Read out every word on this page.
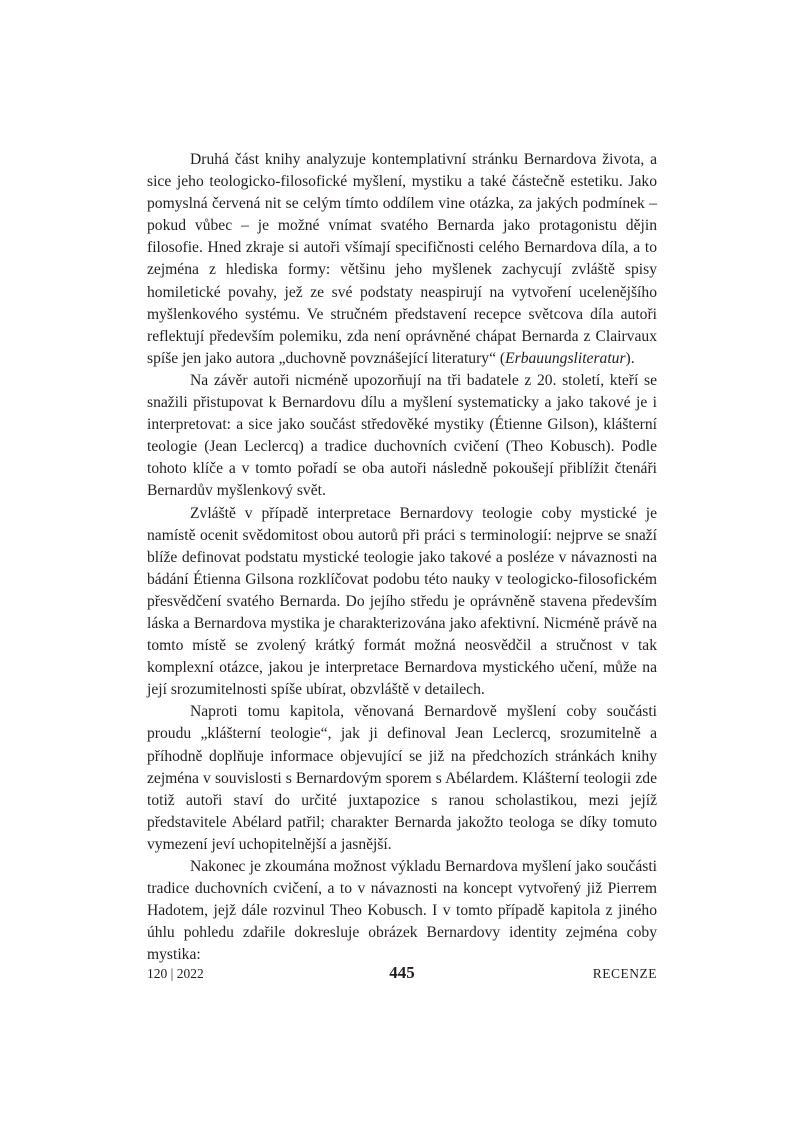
Druhá část knihy analyzuje kontemplativní stránku Bernardova života, a sice jeho teologicko-filosofické myšlení, mystiku a také částečně estetiku. Jako pomyslná červená nit se celým tímto oddílem vine otázka, za jakých podmínek – pokud vůbec – je možné vnímat svatého Bernarda jako protagonistu dějin filosofie. Hned zkraje si autoři všímají specifičnosti celého Bernardova díla, a to zejména z hlediska formy: většinu jeho myšlenek zachycují zvláště spisy homiletické povahy, jež ze své podstaty neaspirují na vytvoření ucelenějšího myšlenkového systému. Ve stručném představení recepce světcova díla autoři reflektují především polemiku, zda není oprávněné chápat Bernarda z Clairvaux spíše jen jako autora „duchovně povznášející literatury“ (Erbauungsliteratur).

Na závěr autoři nicméně upozorňují na tři badatele z 20. století, kteří se snažili přistupovat k Bernardovu dílu a myšlení systematicky a jako takové je i interpretovat: a sice jako součást středověké mystiky (Étienne Gilson), klášterní teologie (Jean Leclercq) a tradice duchovních cvičení (Theo Kobusch). Podle tohoto klíče a v tomto pořadí se oba autoři následně pokoušejí přiblížit čtenáři Bernardův myšlenkový svět.

Zvláště v případě interpretace Bernardovy teologie coby mystické je namístě ocenit svědomitost obou autorů při práci s terminologií: nejprve se snaží blíže definovat podstatu mystické teologie jako takové a posléze v návaznosti na bádání Étienna Gilsona rozklíčovat podobu této nauky v teologicko-filosofickém přesvědčení svatého Bernarda. Do jejího středu je oprávněně stavena především láska a Bernardova mystika je charakterizována jako afektivní. Nicméně právě na tomto místě se zvolený krátký formát možná neosvědčil a stručnost v tak komplexní otázce, jakou je interpretace Bernardova mystického učení, může na její srozumitelnosti spíše ubírat, obzvláště v detailech.

Naproti tomu kapitola, věnovaná Bernardově myšlení coby součásti proudu „klášterní teologie“, jak ji definoval Jean Leclercq, srozumitelně a příhodně doplňuje informace objevující se již na předchozích stránkách knihy zejména v souvislosti s Bernardovým sporem s Abélardem. Klášterní teologii zde totiž autoři staví do určité juxtapozice s ranou scholastikou, mezi jejíž představitele Abélard patřil; charakter Bernarda jakožto teologa se díky tomuto vymezení jeví uchopitelnější a jasnější.

Nakonec je zkoumána možnost výkladu Bernardova myšlení jako součásti tradice duchovních cvičení, a to v návaznosti na koncept vytvořený již Pierrem Hadotem, jejž dále rozvinul Theo Kobusch. I v tomto případě kapitola z jiného úhlu pohledu zdařile dokresluje obrázek Bernardovy identity zejména coby mystika:

120 | 2022	445	RECENZE
